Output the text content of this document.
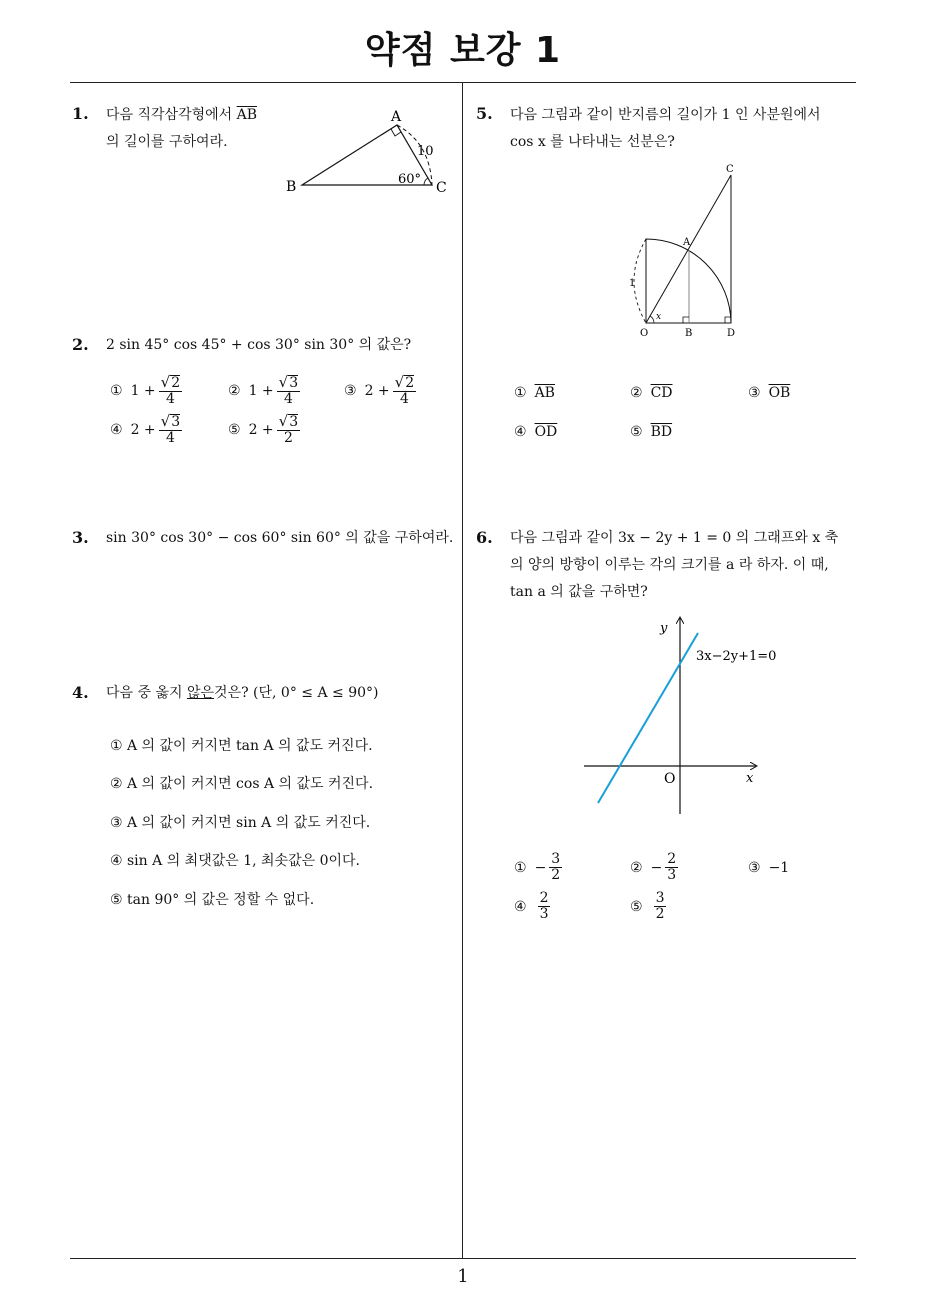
약점 보강 1
1
1. 다음 직각삼각형에서 $\overline{AB}$
의 길이를 구하여라.
A
B	C
10
60°
2. 2 sin 45° cos 45° + cos 30° sin 30° 의 값은?
① $1 + \frac{√ 2}{4}$	② $1 + \frac{√ 3}{4}$	③ $2 + \frac{√ 2}{4}$
④ $2 + \frac{√ 3}{4}$	⑤ $2 + \frac{√ 3}{2}$
3. sin 30° cos 30° − cos 60° sin 60° 의 값을 구하여라.
4. 다음 중 옳지 않은것은? (단, 0° ≤ A ≤ 90°)
① A 의 값이 커지면 tan A 의 값도 커진다.
② A 의 값이 커지면 cos A 의 값도 커진다.
③ A 의 값이 커지면 sin A 의 값도 커진다.
④ sin A 의 최댓값은 1, 최솟값은 0이다.
⑤ tan 90° 의 값은 정할 수 없다.
5. 다음 그림과 같이 반지름의 길이가 1 인 사분원에서
cos x 를 나타내는 선분은?
C
A
O	B	D
1
x
① $\overline{AB}$	② $\overline{CD}$	③ $\overline{OB}$
④ $\overline{OD}$	⑤ $\overline{BD}$
6. 다음 그림과 같이 3x − 2y + 1 = 0 의 그래프와 x 축
의 양의 방향이 이루는 각의 크기를 a 라 하자. 이 때,
tan a 의 값을 구하면?
y
x
O
3x−2y+1=0
① − $\frac{3}{2}$	② − $\frac{2}{3}$	③ −1
④ $\frac{2}{3}$	⑤ $\frac{3}{2}$
